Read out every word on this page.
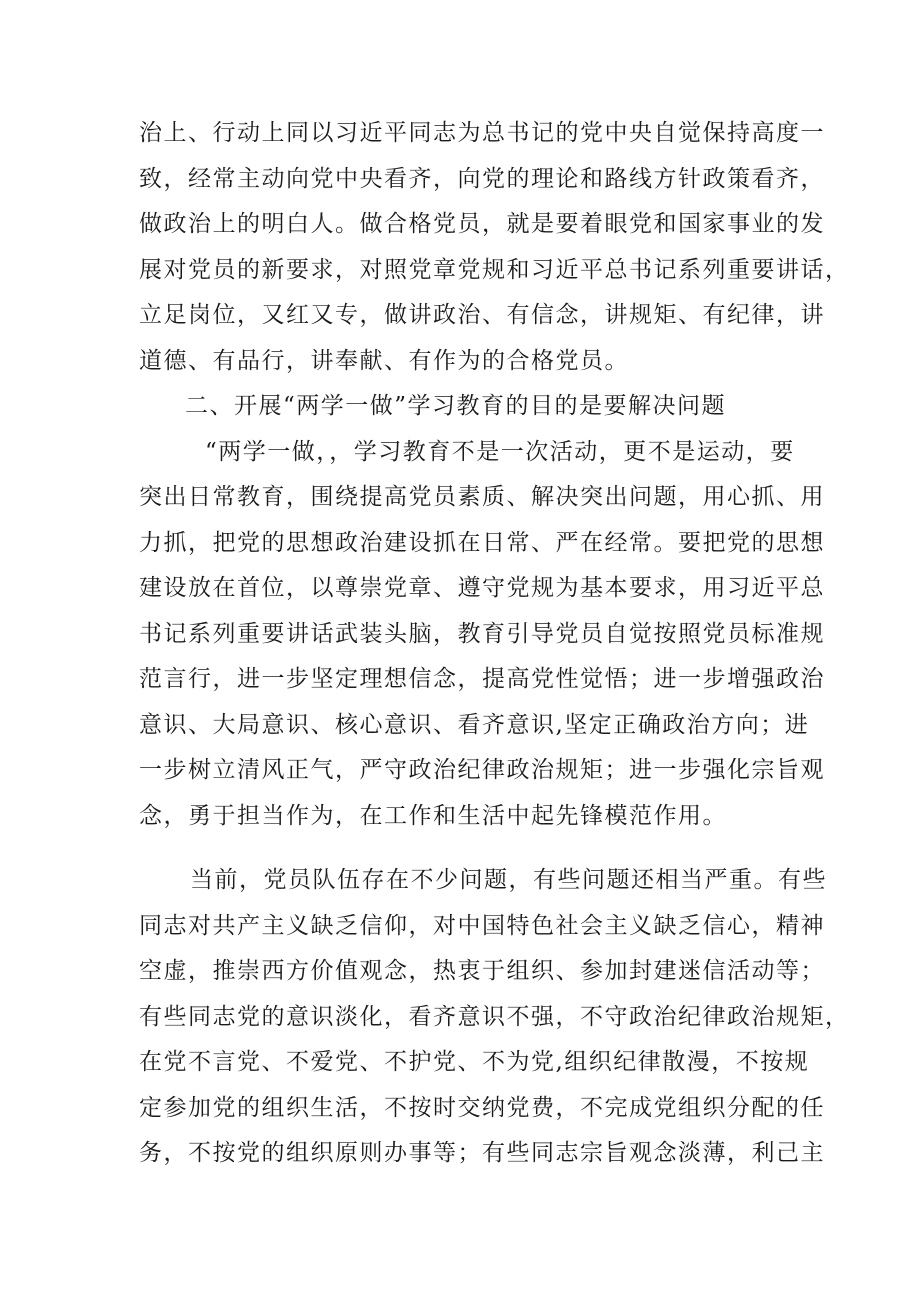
治上、行动上同以习近平同志为总书记的党中央自觉保持高度一
致，经常主动向党中央看齐，向党的理论和路线方针政策看齐，
做政治上的明白人。做合格党员，就是要着眼党和国家事业的发
展对党员的新要求，对照党章党规和习近平总书记系列重要讲话，
立足岗位，又红又专，做讲政治、有信念，讲规矩、有纪律，讲
道德、有品行，讲奉献、有作为的合格党员。
二、开展“两学一做”学习教育的目的是要解决问题
“两学一做，，学习教育不是一次活动，更不是运动，要
突出日常教育，围绕提高党员素质、解决突出问题，用心抓、用
力抓，把党的思想政治建设抓在日常、严在经常。要把党的思想
建设放在首位，以尊崇党章、遵守党规为基本要求，用习近平总
书记系列重要讲话武装头脑，教育引导党员自觉按照党员标准规
范言行，进一步坚定理想信念，提高党性觉悟；进一步增强政治
意识、大局意识、核心意识、看齐意识,坚定正确政治方向；进
一步树立清风正气，严守政治纪律政治规矩；进一步强化宗旨观
念，勇于担当作为，在工作和生活中起先锋模范作用。
当前，党员队伍存在不少问题，有些问题还相当严重。有些
同志对共产主义缺乏信仰，对中国特色社会主义缺乏信心，精神
空虚，推崇西方价值观念，热衷于组织、参加封建迷信活动等；
有些同志党的意识淡化，看齐意识不强，不守政治纪律政治规矩，
在党不言党、不爱党、不护党、不为党,组织纪律散漫，不按规
定参加党的组织生活，不按时交纳党费，不完成党组织分配的任
务，不按党的组织原则办事等；有些同志宗旨观念淡薄，利己主
